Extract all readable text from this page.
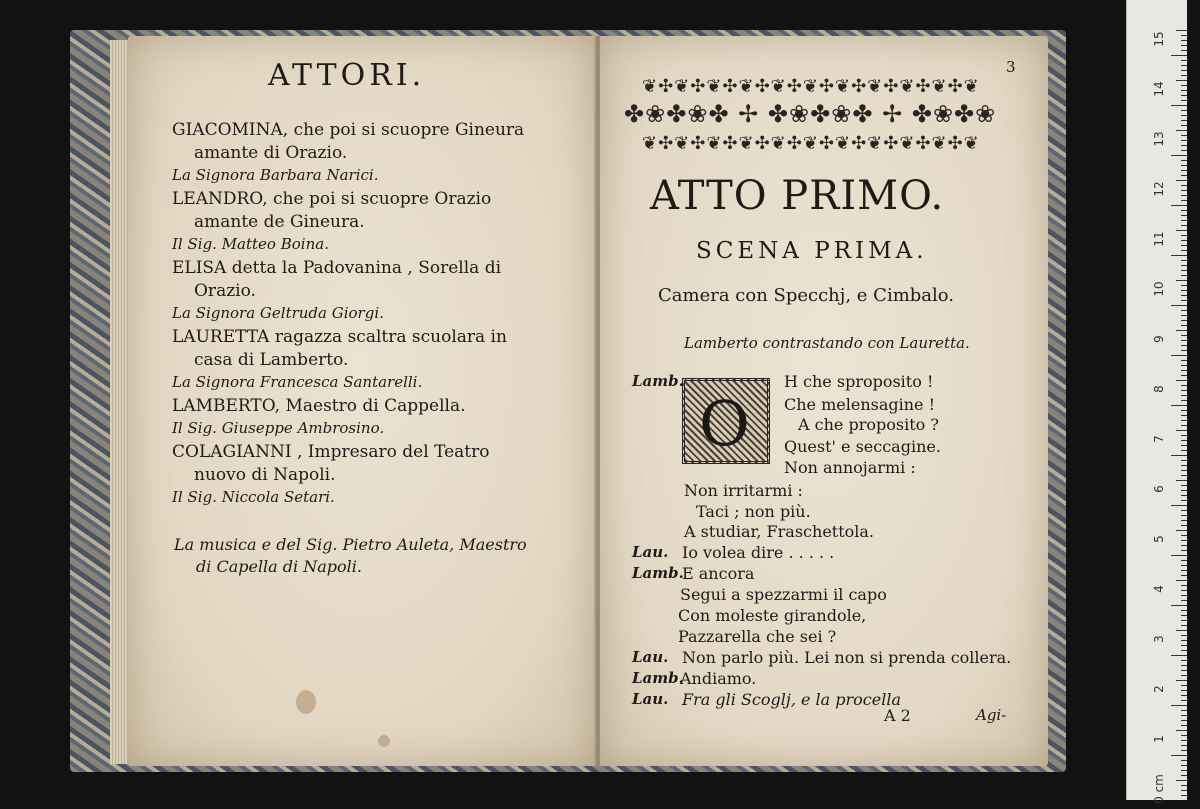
ATTORI.
GIACOMINA, che poi si scuopre Gineura
amante di Orazio.
La Signora Barbara Narici.
LEANDRO, che poi si scuopre Orazio
amante de Gineura.
Il Sig. Matteo Boina.
ELISA detta la Padovanina , Sorella di
Orazio.
La Signora Geltruda Giorgi.
LAURETTA ragazza scaltra scuolara in
casa di Lamberto.
La Signora Francesca Santarelli.
LAMBERTO, Maestro di Cappella.
Il Sig. Giuseppe Ambrosino.
COLAGIANNI , Impresaro del Teatro
nuovo di Napoli.
Il Sig. Niccola Setari.
La musica e del Sig. Pietro Auleta, Maestro
di Capella di Napoli.
3
❦✣❦✣❦✣❦✣❦✣❦✣❦✣❦✣❦✣❦✣❦
✤❀✤❀✤ ✢ ✤❀✤❀✤ ✢ ✤❀✤❀
❦✣❦✣❦✣❦✣❦✣❦✣❦✣❦✣❦✣❦✣❦
ATTO PRIMO.
SCENA PRIMA.
Camera con Specchj, e Cimbalo.
Lamberto contrastando con Lauretta.
O
Lamb.	H che sproposito !
Che melensagine !
A che proposito ?
Quest' e seccagine.
Non annojarmi :
Non irritarmi :
Taci ; non più.
A studiar, Fraschettola.
Lau. Io volea dire . . . . .
Lamb.
E ancora
Segui a spezzarmi il capo
Con moleste girandole,
Pazzarella che sei ?
Lau. Non parlo più. Lei non si prenda collera.
Lamb.
Andiamo.
Lau. Fra gli Scoglj, e la procella
A 2	Agi-
15
14
13
12
11
10
9
8
7
6
5
4
3
2
1
0 cm
